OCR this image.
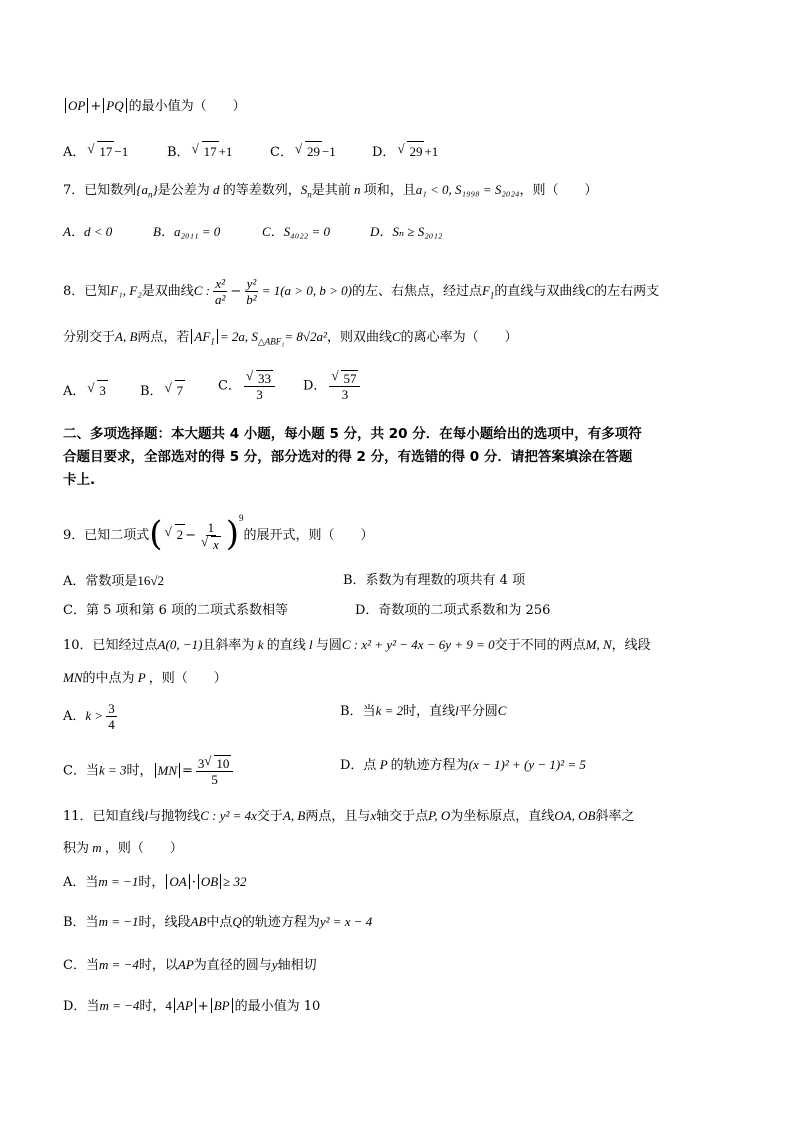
OP + PQ 的最小值为（　　）
A． √ 17 −1	B． √ 17 +1	C． √ 29 −1	D． √ 29 +1
7．已知数列$\{a_n\}$是公差为 d 的等差数列，$S_n$是其前 n 项和，且a₁ < 0, S₁₉₉₈ = S₂₀₂₄，则（　　）
A．d < 0	B．a₂₀₁₁ = 0	C．S₄₀₂₂ = 0	D．Sₙ ≥ S₂₀₁₂
8．已知F₁, F₂是双曲线C : $\frac{\text{x²}}{\text{a²}} - \frac{\text{y²}}{\text{b²}} = 1(a > 0$, b > 0)的左、右焦点，经过点$F_1$的直线与双曲线C的左右两支
分别交于A, B两点，若 $AF_1 = 2a$, $S_{\triangle ABF_1}= 8√2a^2$，则双曲线C的离心率为（　　）
A． √ 3	B． √ 7	C． √ $\frac{33}{3}$ D． √ $\frac{57}{3}$
二、多项选择题：本大题共 4 小题，每小题 5 分，共 20 分．在每小题给出的选项中，有多项符
合题目要求，全部选对的得 5 分，部分选对的得 2 分，有选错的得 0 分．请把答案填涂在答题
卡上.
9．已知二项式( √ 2 − 1
√ x )$^9$的展开式，则（　　）
A．常数项是16√2	B．系数为有理数的项共有 4 项
C．第 5 项和第 6 项的二项式系数相等	D．奇数项的二项式系数和为 256
10．已知经过点A(0, −1)且斜率为 k 的直线 l 与圆C : x² + y² − 4x − 6y + 9 = 0交于不同的两点M, N，线段
MN的中点为 P ，则（　　）
A．$k > \frac{3}{4}$	B．当k = 2时，直线l平分圆C
C．当k = 3时， MN = $\frac{3 √ 10}{5}$	D．点 P 的轨迹方程为(x − 1)² + (y − 1)² = 5
11．已知直线l与抛物线C : y² = 4x交于A, B两点，且与x轴交于点P, O为坐标原点，直线OA, OB斜率之
积为 m ，则（　　）
A．当m = −1时， OA · OB ≥ 32
B．当m = −1时，线段AB中点Q的轨迹方程为y² = x − 4
C．当m = −4时，以AP为直径的圆与y轴相切
D．当m = −4时，4 AP + BP 的最小值为 10
